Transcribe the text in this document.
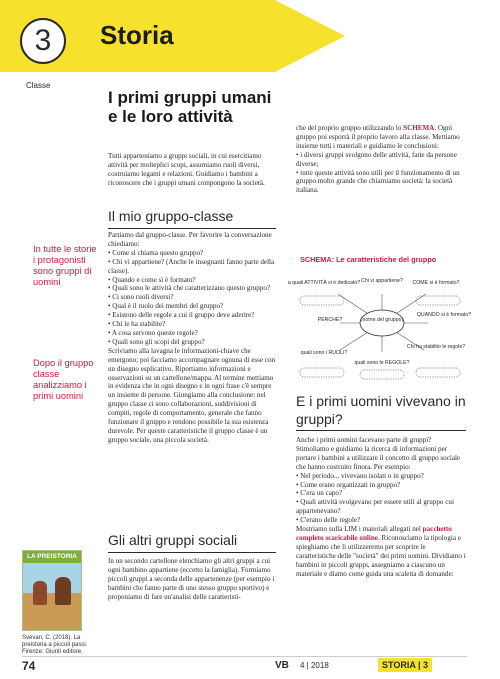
3	Storia
Classe
In tutte le storie i protagonisti sono gruppi di uomini
Dopo il gruppo classe analizziamo i primi uomini
LA PREISTORIA
Svevan, C. (2018). La preistoria a piccoli passi. Firenze: Giunti editore.
I primi gruppi umani e le loro attività

Tutti apparteniamo a gruppi sociali, in cui esercitiamo attività per molteplici scopi, assumiamo ruoli diversi, costruiamo legami e relazioni. Guidiamo i bambini a riconoscere che i gruppi umani compongono la società.

Il mio gruppo-classe

Partiamo dal gruppo-classe. Per favorire la conversazione chiediamo:

• Come si chiama questo gruppo?

• Chi vi appartiene? (Anche le insegnanti fanno parte della classe).

• Quando e come si è formato?

• Quali sono le attività che caratterizzano questo gruppo?

• Ci sono ruoli diversi?

• Qual è il ruolo dei membri del gruppo?

• Esistono delle regole a cui il gruppo deve aderire?

• Chi le ha stabilite?

• A cosa servono queste regole?

• Quali sono gli scopi del gruppo?

Scriviamo alla lavagna le informazioni-chiave che emergono; poi facciamo accompagnare ognuna di esse con un disegno esplicativo. Riportiamo informazioni e osservazioni su un cartellone/mappa. Al termine mettiamo in evidenza che in ogni disegno e in ogni frase c'è sempre un insieme di persone. Giungiamo alla conclusione: nel gruppo classe ci sono collaborazioni, suddivisioni di compiti, regole di comportamento, generale che fanno funzionare il gruppo e rendono possibile la sua esistenza durevole. Per queste caratteristiche il gruppo classe è un gruppo sociale, una piccola società.

Gli altri gruppi sociali

In un secondo cartellone elenchiamo gli altri gruppi a cui ogni bambino appartiene (eccetto la famiglia). Formiamo piccoli gruppi a seconda delle appartenenze (per esempio i bambini che fanno parte di uno stesso gruppo sportivo) e proponiamo di fare un'analisi delle caratteristi-

che del proprio gruppo utilizzando lo SCHEMA. Ogni gruppo poi esporrà il proprio lavoro alla classe. Mettiamo insieme tutti i materiali e guidiamo le conclusioni:

• i diversi gruppi svolgono delle attività, fatte da persone diverse;

• tutte queste attività sono utili per il funzionamento di un gruppo molto grande che chiamiamo società: la società italiana.

SCHEMA: Le caratteristiche del gruppo
(nome del gruppo)
Chi vi appartiene? COME si è formato?
QUANDO si è formato?
Chi ha stabilito le regole?
quali sono le REGOLE?
quali sono i RUOLI?
PERCHÉ?
a quali ATTIVITÀ si è dedicato?
E i primi uomini vivevano in gruppi?

Anche i primi uomini facevano parte di gruppi? Stimoliamo e guidiamo la ricerca di informazioni per portare i bambini a utilizzare il concetto di gruppo sociale che hanno costruito finora. Per esempio:

• Nel periodo... vivevano isolati o in gruppo?

• Come erano organizzati in gruppo?

• C'era un capo?

• Quali attività svolgevano per essere utili al gruppo cui appartenevano?

• C'erano delle regole?

Mostriamo sulla LIM i materiali allegati nel pacchetto completo scaricabile online. Riconosciamo la tipologia e spieghiamo che li utilizzeremo per scoprire le caratteristiche delle "società" dei primi uomini. Dividiamo i bambini in piccoli gruppi, assegniamo a ciascuno un materiale e diamo come guida una scaletta di domande:

74	VB 4 | 2018	STORIA | 3
